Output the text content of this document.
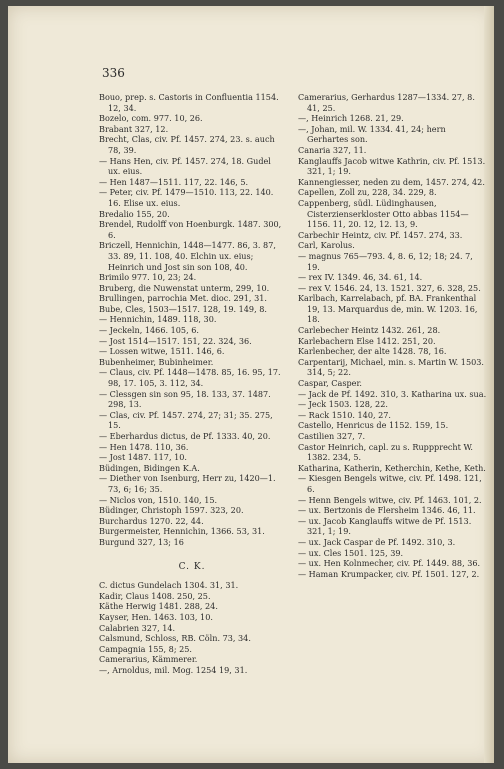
336

Bouo, prep. s. Castoris in Confluentia 1154. 12, 34.

Bozelo, com. 977. 10, 26.

Brabant 327, 12.

Brecht, Clas, civ. Pf. 1457. 274, 23. s. auch 78, 39.

— Hans Hen, civ. Pf. 1457. 274, 18. Gudel ux. eius.

— Hen 1487—1511. 117, 22. 146, 5.

— Peter, civ. Pf. 1479—1510. 113, 22. 140. 16. Elise ux. eius.

Bredalio 155, 20.

Brendel, Rudolff von Hoenburgk. 1487. 300, 6.

Briczell, Hennichin, 1448—1477. 86, 3. 87, 33. 89, 11. 108, 40. Elchin ux. eius; Heinrich und Jost sin son 108, 40.

Brimilo 977. 10, 23; 24.

Bruberg, die Nuwenstat unterm, 299, 10.

Brullingen, parrochia Met. dioc. 291, 31.

Bube, Cles, 1503—1517. 128, 19. 149, 8.

— Hennichin, 1489. 118, 30.

— Jeckeln, 1466. 105, 6.

— Jost 1514—1517. 151, 22. 324, 36.

— Lossen witwe, 1511. 146, 6.

Bubenheimer, Bubinheimer.

— Claus, civ. Pf. 1448—1478. 85, 16. 95, 17. 98, 17. 105, 3. 112, 34.

— Clessgen sin son 95, 18. 133, 37. 1487. 298, 13.

— Clas, civ. Pf. 1457. 274, 27; 31; 35. 275, 15.

— Eberhardus dictus, de Pf. 1333. 40, 20.

— Hen 1478. 110, 36.

— Jost 1487. 117, 10.

Büdingen, Bidingen K.A.

— Diether von Isenburg, Herr zu, 1420—1. 73, 6; 16; 35.

— Niclos von, 1510. 140, 15.

Büdinger, Christoph 1597. 323, 20.

Burchardus 1270. 22, 44.

Burgermeister, Hennichin, 1366. 53, 31.

Burgund 327, 13; 16

C. K.

C. dictus Gundelach 1304. 31, 31.

Kadir, Claus 1408. 250, 25.

Käthe Herwig 1481. 288, 24.

Kayser, Hen. 1463. 103, 10.

Calabrien 327, 14.

Calsmund, Schloss, RB. Cöln. 73, 34.

Campagnia 155, 8; 25.

Camerarius, Kämmerer.

—, Arnoldus, mil. Mog. 1254 19, 31.

Camerarius, Gerhardus 1287—1334. 27, 8. 41, 25.

—, Heinrich 1268. 21, 29.

—, Johan, mil. W. 1334. 41, 24; hern Gerhartes son.

Canaria 327, 11.

Kanglauffs Jacob witwe Kathrin, civ. Pf. 1513. 321, 1; 19.

Kannengiesser, neden zu dem, 1457. 274, 42.

Capellen, Zoll zu, 228, 34. 229, 8.

Cappenberg, südl. Lüdinghausen, Cisterzienserkloster Otto abbas 1154—1156. 11, 20. 12, 12. 13, 9.

Carbechir Heintz, civ. Pf. 1457. 274, 33.

Carl, Karolus.

— magnus 765—793. 4, 8. 6, 12; 18; 24. 7, 19.

— rex IV. 1349. 46, 34. 61, 14.

— rex V. 1546. 24, 13. 1521. 327, 6. 328, 25.

Karlbach, Karrelabach, pf. BA. Frankenthal 19, 13. Marquardus de, min. W. 1203. 16, 18.

Carlebecher Heintz 1432. 261, 28.

Karlebachern Else 1412. 251, 20.

Karlenbecher, der alte 1428. 78, 16.

Carpentarij, Michael, min. s. Martin W. 1503. 314, 5; 22.

Caspar, Casper.

— Jack de Pf. 1492. 310, 3. Katharina ux. sua.

— Jeck 1503. 128, 22.

— Rack 1510. 140, 27.

Castello, Henricus de 1152. 159, 15.

Castilien 327, 7.

Castor Heinrich, capl. zu s. Ruppprecht W. 1382. 234, 5.

Katharina, Katherin, Ketherchin, Kethe, Keth.

— Kiesgen Bengels witwe, civ. Pf. 1498. 121, 6.

— Henn Bengels witwe, civ. Pf. 1463. 101, 2.

— ux. Bertzonis de Flersheim 1346. 46, 11.

— ux. Jacob Kanglauffs witwe de Pf. 1513. 321, 1; 19.

— ux. Jack Caspar de Pf. 1492. 310, 3.

— ux. Cles 1501. 125, 39.

— ux. Hen Kolnmecher, civ. Pf. 1449. 88, 36.

— Haman Krumpacker, civ. Pf. 1501. 127, 2.
